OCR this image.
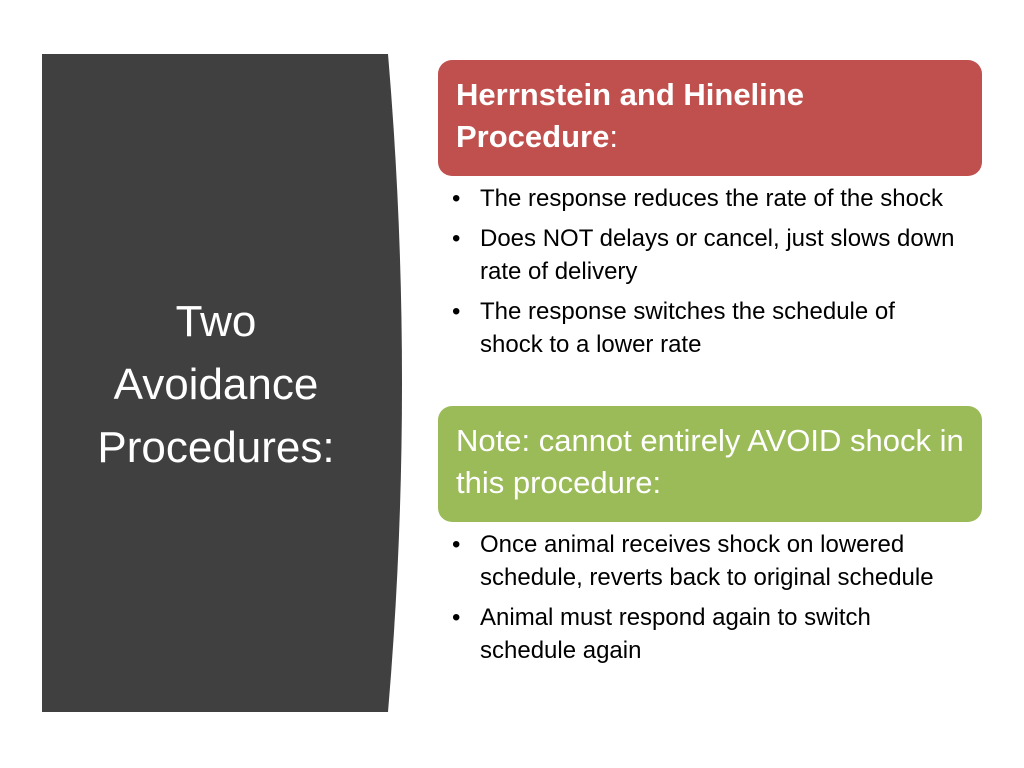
Two
Avoidance
Procedures:
Herrnstein and Hineline Procedure:
• The response reduces the rate of the shock
• Does NOT delays or cancel, just slows down rate of delivery
• The response switches the schedule of shock to a lower rate
Note: cannot entirely AVOID shock in this procedure:
• Once animal receives shock on lowered schedule, reverts back to original schedule
• Animal must respond again to switch schedule again
